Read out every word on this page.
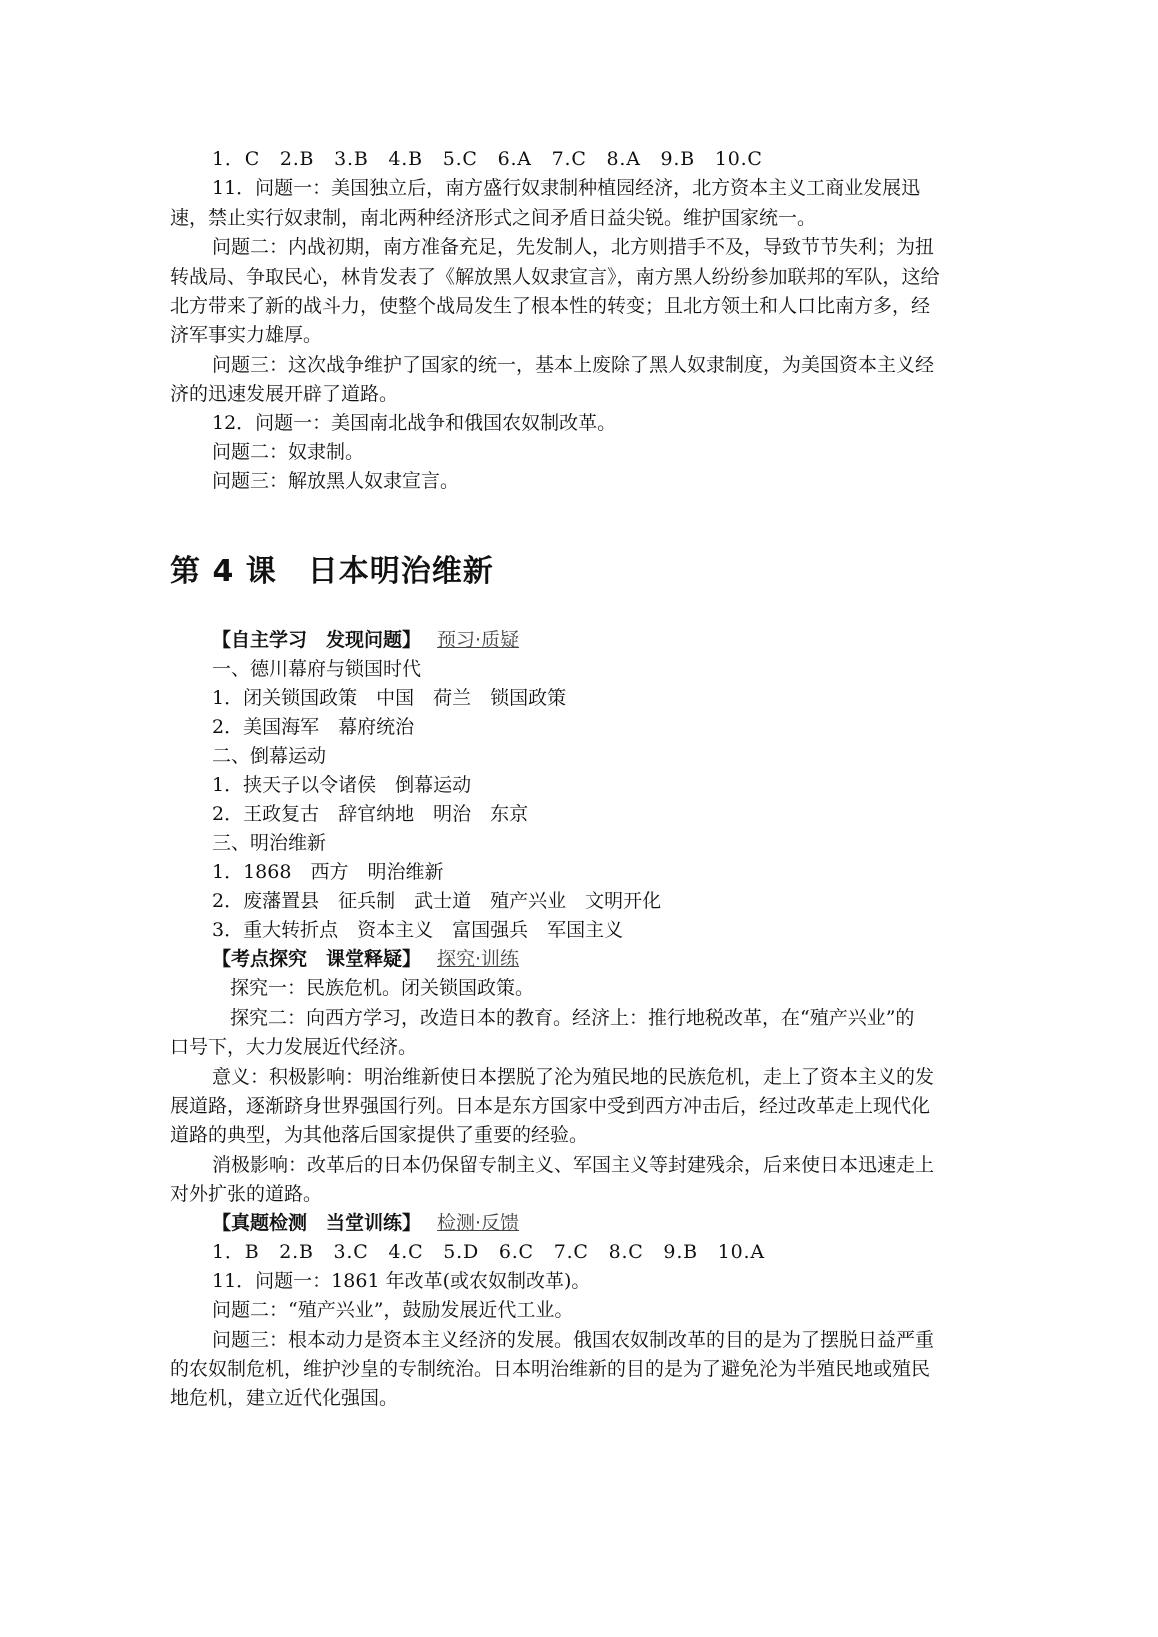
1．C　2.B　3.B　4.B　5.C　6.A　7.C　8.A　9.B　10.C
11．问题一：美国独立后，南方盛行奴隶制种植园经济，北方资本主义工商业发展迅
速，禁止实行奴隶制，南北两种经济形式之间矛盾日益尖锐。维护国家统一。
问题二：内战初期，南方准备充足，先发制人，北方则措手不及，导致节节失利；为扭
转战局、争取民心，林肯发表了《解放黑人奴隶宣言》，南方黑人纷纷参加联邦的军队，这给
北方带来了新的战斗力，使整个战局发生了根本性的转变；且北方领土和人口比南方多，经
济军事实力雄厚。
问题三：这次战争维护了国家的统一，基本上废除了黑人奴隶制度，为美国资本主义经
济的迅速发展开辟了道路。
12．问题一：美国南北战争和俄国农奴制改革。
问题二：奴隶制。
问题三：解放黑人奴隶宣言。
第 4 课　日本明治维新
【自主学习　发现问题】 预习·质疑
一、德川幕府与锁国时代
1．闭关锁国政策　中国　荷兰　锁国政策
2．美国海军　幕府统治
二、倒幕运动
1．挟天子以令诸侯　倒幕运动
2．王政复古　辞官纳地　明治　东京
三、明治维新
1．1868　西方　明治维新
2．废藩置县　征兵制　武士道　殖产兴业　文明开化
3．重大转折点　资本主义　富国强兵　军国主义
【考点探究　课堂释疑】 探究·训练
探究一：民族危机。闭关锁国政策。
探究二：向西方学习，改造日本的教育。经济上：推行地税改革，在“殖产兴业”的
口号下，大力发展近代经济。
意义：积极影响：明治维新使日本摆脱了沦为殖民地的民族危机，走上了资本主义的发
展道路，逐渐跻身世界强国行列。日本是东方国家中受到西方冲击后，经过改革走上现代化
道路的典型，为其他落后国家提供了重要的经验。
消极影响：改革后的日本仍保留专制主义、军国主义等封建残余，后来使日本迅速走上
对外扩张的道路。
【真题检测　当堂训练】 检测·反馈
1．B　2.B　3.C　4.C　5.D　6.C　7.C　8.C　9.B　10.A
11．问题一：1861 年改革(或农奴制改革)。
问题二：“殖产兴业”，鼓励发展近代工业。
问题三：根本动力是资本主义经济的发展。俄国农奴制改革的目的是为了摆脱日益严重
的农奴制危机，维护沙皇的专制统治。日本明治维新的目的是为了避免沦为半殖民地或殖民
地危机，建立近代化强国。
